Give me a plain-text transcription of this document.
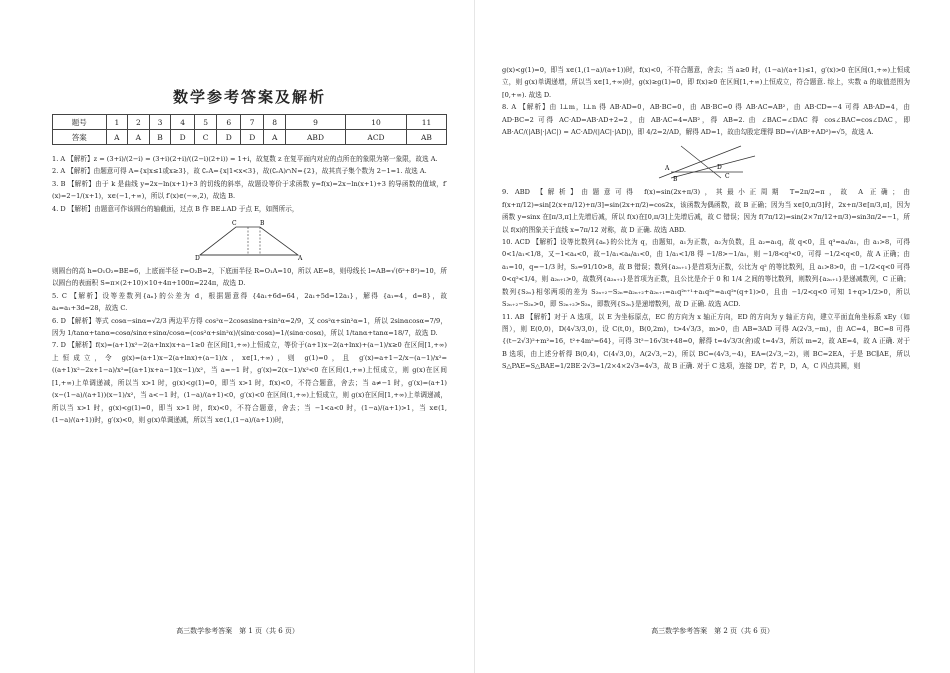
数学参考答案及解析
题号	1	2	3	4	5	6	7	8	9	10	11
答案	A	A	B	D	C	D	D	A	ABD	ACD	AB

1. A 【解析】z = (3+i)/(2−i) = (3+i)(2+i)/((2−i)(2+i)) = 1+i，故复数 z 在复平面内对应的点所在的象限为第一象限，故选 A.

2. A 【解析】由题意可得 A={x|x≤1或x≥3}，故 ∁ᵣA={x|1<x<3}，故(∁ᵣA)∩N={2}，故其真子集个数为 2−1=1. 故选 A.

3. B 【解析】由于 k 是曲线 y=2x−ln(x+1)+3 的切线的斜率，故题设等价于求函数 y=f(x)=2x−ln(x+1)+3 的导函数的值域，f′(x)=2−1/(x+1)，x∈(−1,+∞)，所以 f′(x)∈(−∞,2)，故选 B.

4. D 【解析】由题意可作该圆台的轴截面，过点 B 作 BE⊥AD 于点 E，如图所示，

D	A
C	B

则圆台的高 h=O₁O₂=BE=6，上底面半径 r=O₂B=2，下底面半径 R=O₁A=10，所以 AE=8，则母线长 l=AB=√(6²+8²)=10，所以圆台的表面积 S=π×(2+10)×10+4π+100π=224π，故选 D.

5. C 【解析】设等差数列{aₙ}的公差为 d，根据题意得 {4a₁+6d=64，2a₁+5d=12a₁}，解得 {a₁=4，d=8}，故 a₄=a₁+3d=28，故选 C.

6. D 【解析】等式 cosα−sinα=√2/3 两边平方得 cos²α−2cosαsinα+sin²α=2/9，又 cos²α+sin²α=1，所以 2sinαcosα=7/9，因为 1/tanα+tanα=cosα/sinα+sinα/cosα=(cos²α+sin²α)/(sinα·cosα)=1/(sinα·cosα)，所以 1/tanα+tanα=18/7，故选 D.

7. D 【解析】f(x)=(a+1)x²−2(a+lnx)x+a−1≥0 在区间[1,+∞)上恒成立，等价于(a+1)x−2(a+lnx)+(a−1)/x≥0 在区间[1,+∞)上恒成立，令 g(x)=(a+1)x−2(a+lnx)+(a−1)/x，x∈[1,+∞)，则 g(1)=0，且 g′(x)=a+1−2/x−(a−1)/x²=((a+1)x²−2x+1−a)/x²=[(a+1)x+a−1](x−1)/x²，当 a=−1 时，g′(x)=2(x−1)/x²<0 在区间(1,+∞)上恒成立，则 g(x)在区间[1,+∞)上单调递减，所以当 x>1 时，g(x)<g(1)=0，即当 x>1 时，f(x)<0，不符合题意，舍去；当 a≠−1 时，g′(x)=(a+1)(x−(1−a)/(a+1))(x−1)/x²，当 a<−1 时，(1−a)/(a+1)<0，g′(x)<0 在区间(1,+∞)上恒成立，则 g(x)在区间[1,+∞)上单调递减，所以当 x>1 时，g(x)<g(1)=0，即当 x>1 时，f(x)<0，不符合题意，舍去；当 −1<a<0 时，(1−a)/(a+1)>1，当 x∈(1,(1−a)/(a+1))时，g′(x)<0，则 g(x)单调递减，所以当 x∈(1,(1−a)/(a+1))时，

高三数学参考答案　第 1 页（共 6 页）

g(x)<g(1)=0，即当 x∈(1,(1−a)/(a+1))时，f(x)<0，不符合题意，舍去；当 a≥0 时，(1−a)/(a+1)≤1，g′(x)>0 在区间(1,+∞)上恒成立，则 g(x)单调递增，所以当 x∈[1,+∞)时，g(x)≥g(1)=0，即 f(x)≥0 在区间[1,+∞)上恒成立，符合题意. 综上，实数 a 的取值范围为[0,+∞). 故选 D.

8. A 【解析】由 l⊥m，l⊥n 得 AB·AD=0，AB·BC=0，由 AB·BC=0 得 AB·AC=AB²，由 AB·CD=−4 可得 AB·AD=4，由 AD·BC=2 可得 AC·AD=AB·AD+2=2，由 AB·AC=4=AB²，得 AB=2. 由 ∠BAC=∠DAC 得 cos∠BAC=cos∠DAC，即 AB·AC/(|AB|·|AC|) = AC·AD/(|AC|·|AD|)，即 4/2=2/AD，解得 AD=1，故由勾股定理得 BD=√(AB²+AD²)=√5，故选 A.

A
B
D
C

9. ABD 【解析】由题意可得 f(x)=sin(2x+π/3)，其最小正周期 T=2π/2=π，故 A 正确；由 f(x+π/12)=sin[2(x+π/12)+π/3]=sin(2x+π/2)=cos2x，该函数为偶函数，故 B 正确；因为当 x∈[0,π/3]时，2x+π/3∈[π/3,π]，因为函数 y=sinx 在[π/3,π]上先增后减，所以 f(x)在[0,π/3]上先增后减，故 C 错误；因为 f(7π/12)=sin(2×7π/12+π/3)=sin3π/2=−1，所以 f(x)的图象关于直线 x=7π/12 对称，故 D 正确. 故选 ABD.

10. ACD 【解析】设等比数列{aₙ}的公比为 q，由题知，a₁为正数，a₂为负数，且 a₂=a₁q，故 q<0，且 q³=a₄/a₁，由 a₁>8，可得 0<1/a₁<1/8，又−1<a₄<0，故−1/a₁<a₄/a₁<0，由 1/a₁<1/8 得 −1/8>−1/a₁，则 −1/8<q³<0，可得 −1/2<q<0，故 A 正确；由 a₁=10，q=−1/3 时，S₃=91/10>8，故 B 错误；数列{a₂ₙ₊₁}是首项为正数，公比为 q² 的等比数列，且 a₁>8>0，由 −1/2<q<0 可得 0<q²<1/4，则 a₂ₙ₊₁>0，故数列{a₂ₙ₊₁}是首项为正数，且公比是介于 0 和 1/4 之间的等比数列，则数列{a₂ₙ₊₁}是递减数列，C 正确；数列{S₂ₙ}相邻两项的差为 S₂ₙ₊₂−S₂ₙ=a₂ₙ₊₂+a₂ₙ₊₁=a₁q²ⁿ⁺¹+a₁q²ⁿ=a₁q²ⁿ(q+1)>0，且由 −1/2<q<0 可知 1+q>1/2>0，所以 S₂ₙ₊₂−S₂ₙ>0，即 S₂ₙ₊₂>S₂ₙ，即数列{S₂ₙ}是递增数列，故 D 正确. 故选 ACD.

11. AB 【解析】对于 A 选项，以 E 为坐标原点，EC 的方向为 x 轴正方向，ED 的方向为 y 轴正方向，建立平面直角坐标系 xEy（如图），则 E(0,0)，D(4√3/3,0)，设 C(t,0)，B(0,2m)，t>4√3/3，m>0，由 AB=3AD 可得 A(2√3,−m)，由 AC=4，BC=8 可得 {(t−2√3)²+m²=16，t²+4m²=64}，可得 3t²−16√3t+48=0，解得 t=4√3/3(舍)或 t=4√3，所以 m=2，故 AE=4，故 A 正确. 对于 B 选项，由上述分析得 B(0,4)，C(4√3,0)，A(2√3,−2)，所以 BC=(4√3,−4)，EA=(2√3,−2)，则 BC=2EA，于是 BC∥AE，所以 S△PAE=S△BAE=1/2BE·2√3=1/2×4×2√3=4√3，故 B 正确. 对于 C 选项，连接 DP，若 P，D，A，C 四点共圆，则

高三数学参考答案　第 2 页（共 6 页）
